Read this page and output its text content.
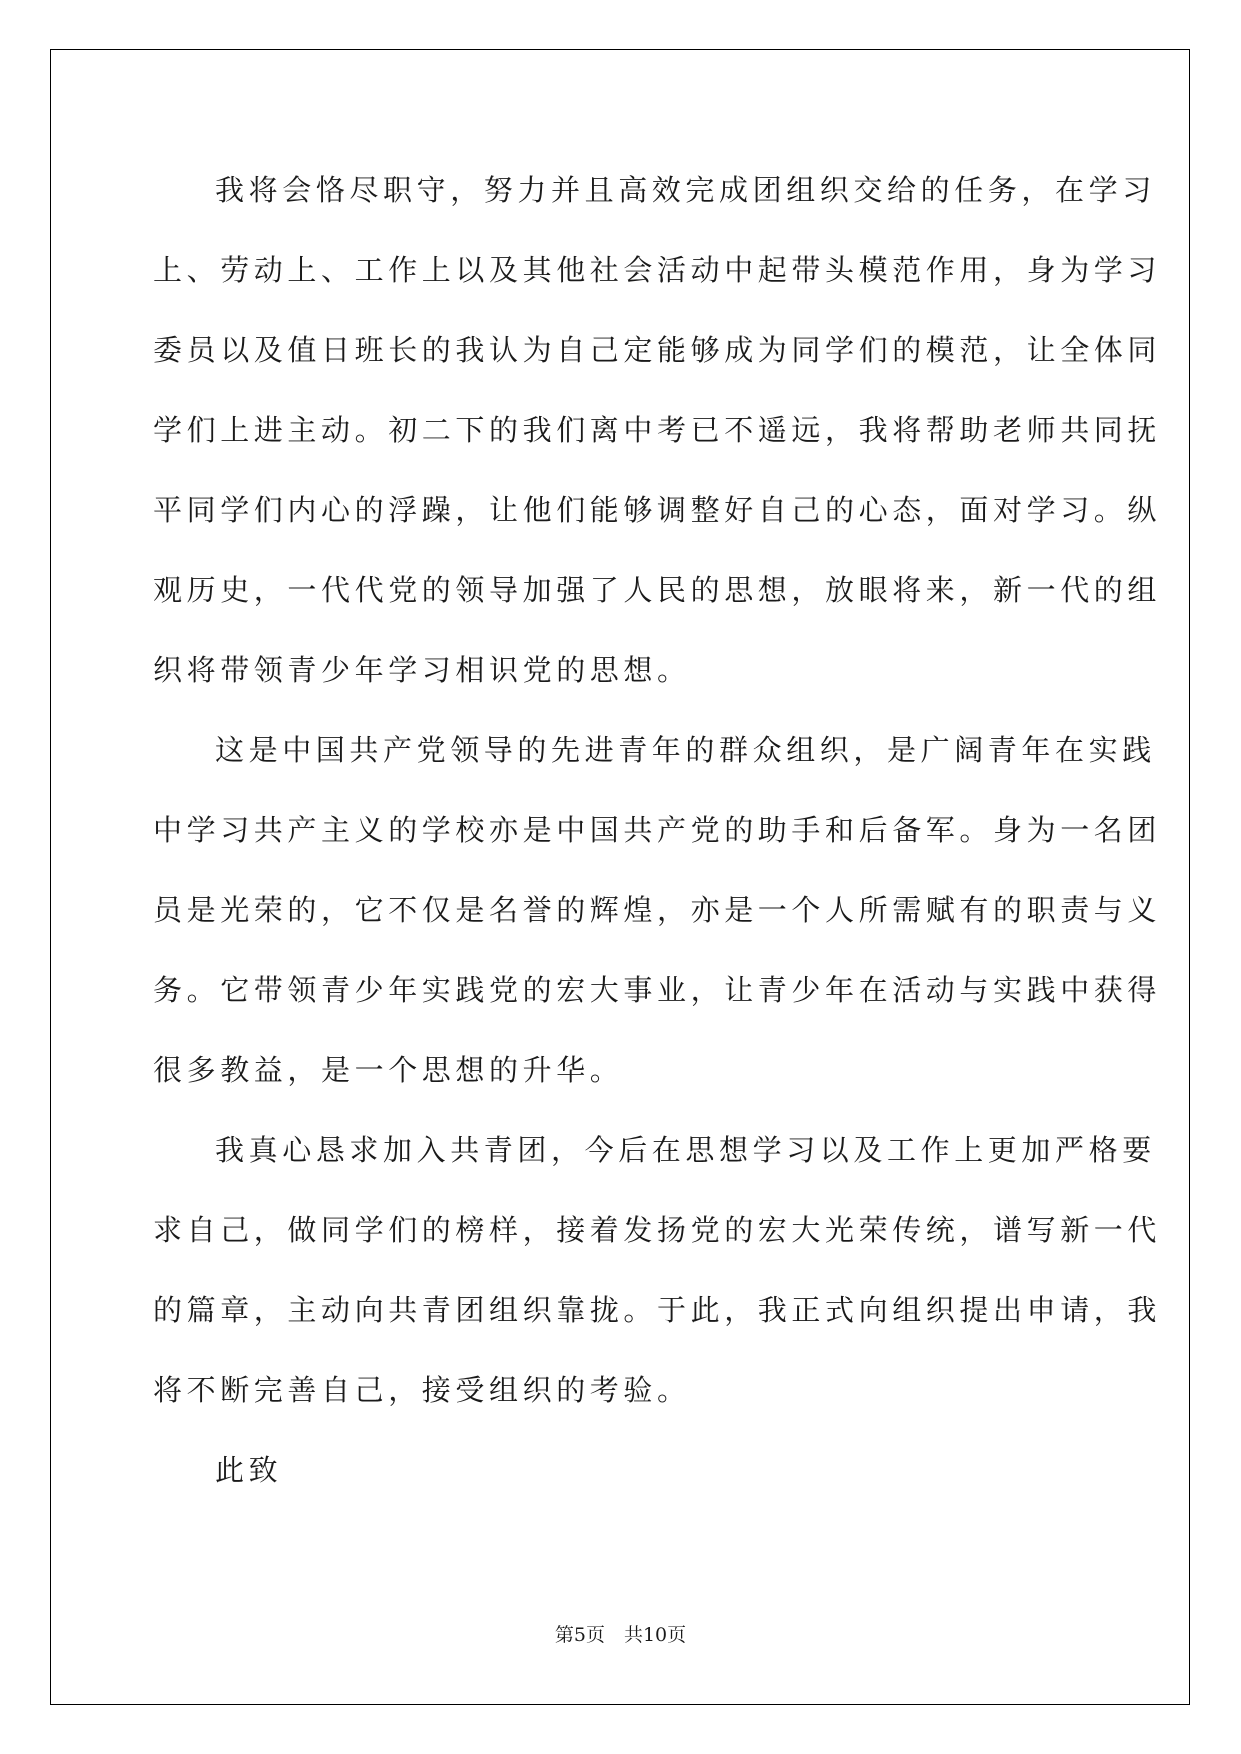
我将会恪尽职守，努力并且高效完成团组织交给的任务，在学习
上、劳动上、工作上以及其他社会活动中起带头模范作用，身为学习
委员以及值日班长的我认为自己定能够成为同学们的模范，让全体同
学们上进主动。初二下的我们离中考已不遥远，我将帮助老师共同抚
平同学们内心的浮躁，让他们能够调整好自己的心态，面对学习。纵
观历史，一代代党的领导加强了人民的思想，放眼将来，新一代的组
织将带领青少年学习相识党的思想。
这是中国共产党领导的先进青年的群众组织，是广阔青年在实践
中学习共产主义的学校亦是中国共产党的助手和后备军。身为一名团
员是光荣的，它不仅是名誉的辉煌，亦是一个人所需赋有的职责与义
务。它带领青少年实践党的宏大事业，让青少年在活动与实践中获得
很多教益，是一个思想的升华。
我真心恳求加入共青团，今后在思想学习以及工作上更加严格要
求自己，做同学们的榜样，接着发扬党的宏大光荣传统，谱写新一代
的篇章，主动向共青团组织靠拢。于此，我正式向组织提出申请，我
将不断完善自己，接受组织的考验。
此致
第5页　共10页
